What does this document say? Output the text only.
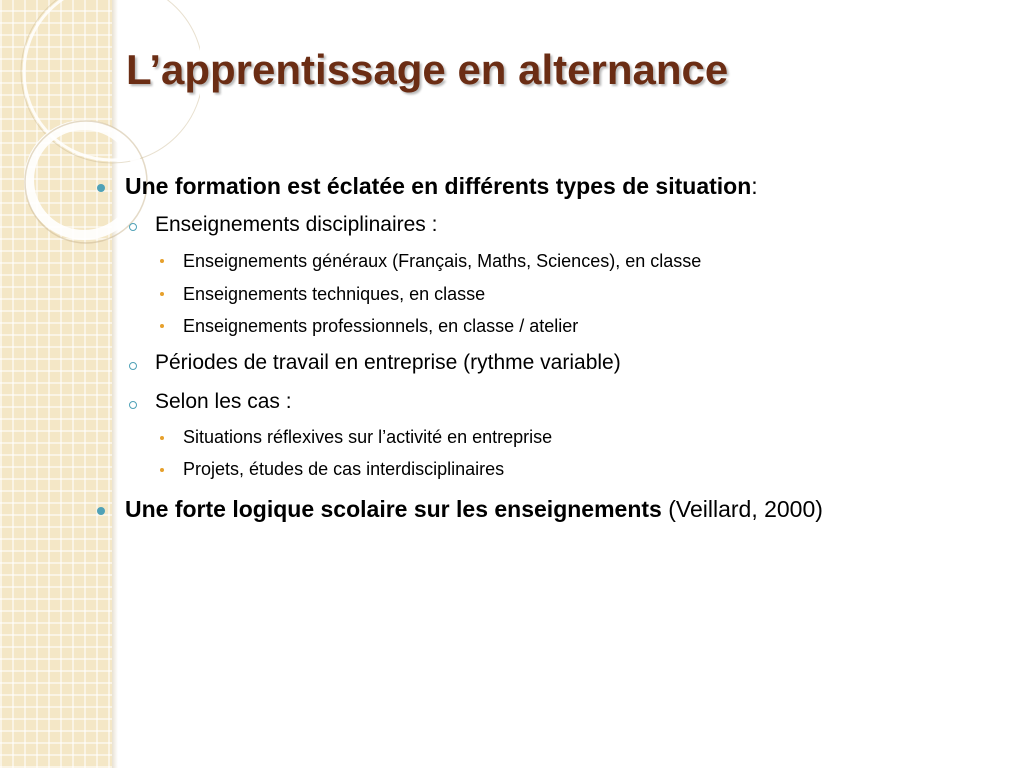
L’apprentissage en alternance
Une formation est éclatée en différents types de situation:
Enseignements disciplinaires :
Enseignements généraux (Français, Maths, Sciences), en classe
Enseignements techniques, en classe
Enseignements professionnels, en classe / atelier
Périodes de travail en entreprise (rythme variable)
Selon les cas :
Situations réflexives sur l’activité en entreprise
Projets, études de cas interdisciplinaires
Une forte logique scolaire sur les enseignements (Veillard, 2000)
